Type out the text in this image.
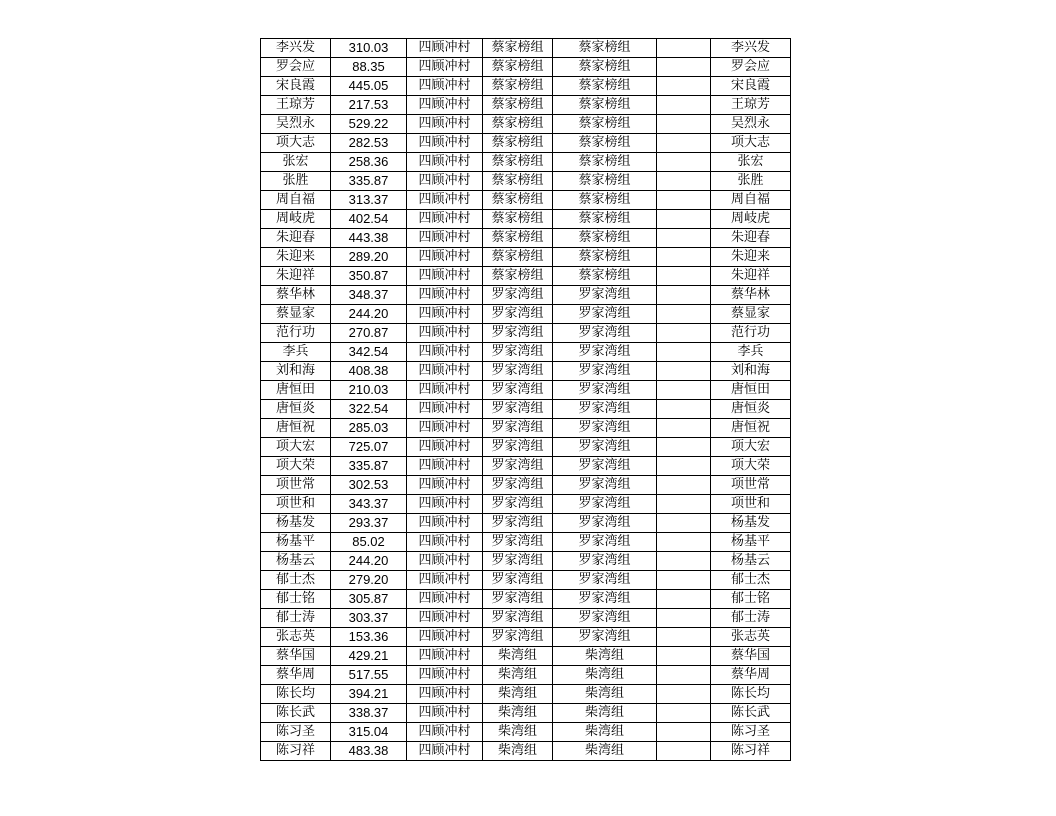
李兴发	310.03	四顾冲村	蔡家榜组	蔡家榜组		李兴发
罗会应	88.35	四顾冲村	蔡家榜组	蔡家榜组		罗会应
宋良霞	445.05	四顾冲村	蔡家榜组	蔡家榜组		宋良霞
王琼芳	217.53	四顾冲村	蔡家榜组	蔡家榜组		王琼芳
吴烈永	529.22	四顾冲村	蔡家榜组	蔡家榜组		吴烈永
项大志	282.53	四顾冲村	蔡家榜组	蔡家榜组		项大志
张宏	258.36	四顾冲村	蔡家榜组	蔡家榜组		张宏
张胜	335.87	四顾冲村	蔡家榜组	蔡家榜组		张胜
周自福	313.37	四顾冲村	蔡家榜组	蔡家榜组		周自福
周岐虎	402.54	四顾冲村	蔡家榜组	蔡家榜组		周岐虎
朱迎春	443.38	四顾冲村	蔡家榜组	蔡家榜组		朱迎春
朱迎来	289.20	四顾冲村	蔡家榜组	蔡家榜组		朱迎来
朱迎祥	350.87	四顾冲村	蔡家榜组	蔡家榜组		朱迎祥
蔡华林	348.37	四顾冲村	罗家湾组	罗家湾组		蔡华林
蔡显家	244.20	四顾冲村	罗家湾组	罗家湾组		蔡显家
范行功	270.87	四顾冲村	罗家湾组	罗家湾组		范行功
李兵	342.54	四顾冲村	罗家湾组	罗家湾组		李兵
刘和海	408.38	四顾冲村	罗家湾组	罗家湾组		刘和海
唐恒田	210.03	四顾冲村	罗家湾组	罗家湾组		唐恒田
唐恒炎	322.54	四顾冲村	罗家湾组	罗家湾组		唐恒炎
唐恒祝	285.03	四顾冲村	罗家湾组	罗家湾组		唐恒祝
项大宏	725.07	四顾冲村	罗家湾组	罗家湾组		项大宏
项大荣	335.87	四顾冲村	罗家湾组	罗家湾组		项大荣
项世常	302.53	四顾冲村	罗家湾组	罗家湾组		项世常
项世和	343.37	四顾冲村	罗家湾组	罗家湾组		项世和
杨基发	293.37	四顾冲村	罗家湾组	罗家湾组		杨基发
杨基平	85.02	四顾冲村	罗家湾组	罗家湾组		杨基平
杨基云	244.20	四顾冲村	罗家湾组	罗家湾组		杨基云
郁士杰	279.20	四顾冲村	罗家湾组	罗家湾组		郁士杰
郁士铭	305.87	四顾冲村	罗家湾组	罗家湾组		郁士铭
郁士涛	303.37	四顾冲村	罗家湾组	罗家湾组		郁士涛
张志英	153.36	四顾冲村	罗家湾组	罗家湾组		张志英
蔡华国	429.21	四顾冲村	柴湾组	柴湾组		蔡华国
蔡华周	517.55	四顾冲村	柴湾组	柴湾组		蔡华周
陈长均	394.21	四顾冲村	柴湾组	柴湾组		陈长均
陈长武	338.37	四顾冲村	柴湾组	柴湾组		陈长武
陈习圣	315.04	四顾冲村	柴湾组	柴湾组		陈习圣
陈习祥	483.38	四顾冲村	柴湾组	柴湾组		陈习祥
